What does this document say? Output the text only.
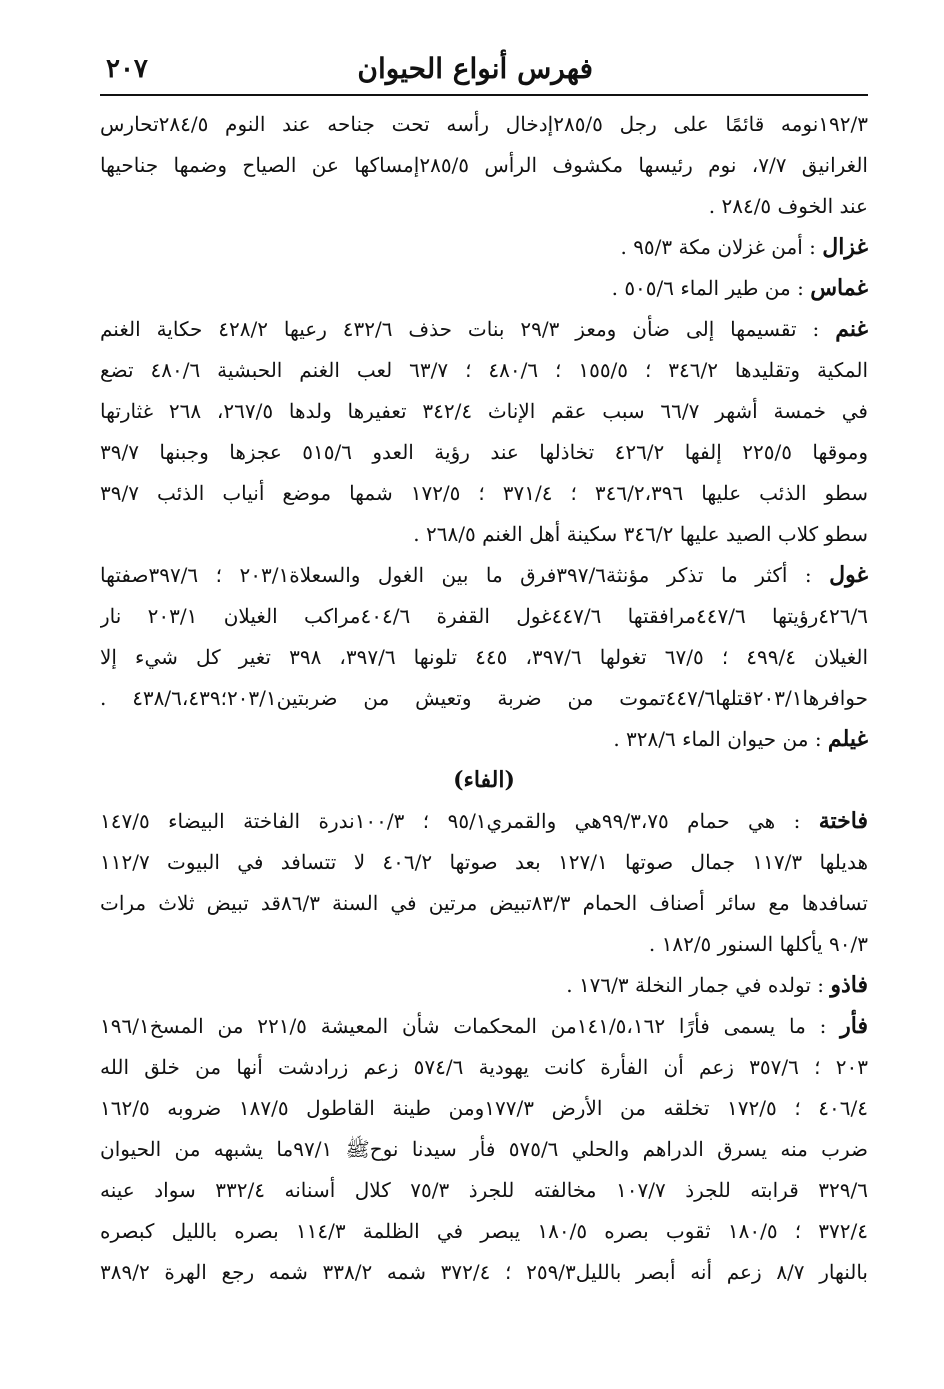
فهرس أنواع الحيوان
٢٠٧
١٩٢/٣نومه قائمًا على رجل ٢٨٥/٥إدخال رأسه تحت جناحه عند النوم ٢٨٤/٥تحارس
الغرانيق ٧/٧، نوم رئيسها مكشوف الرأس ٢٨٥/٥إمساكها عن الصياح وضمها جناحيها
عند الخوف ٢٨٤/٥ .
غزال : أمن غزلان مكة ٩٥/٣ .
غماس : من طير الماء ٥٠٥/٦ .
غنم : تقسيمها إلى ضأن ومعز ٢٩/٣ بنات حذف ٤٣٢/٦ رعيها ٤٢٨/٢ حكاية الغنم
المكية وتقليدها ٣٤٦/٢ ؛ ١٥٥/٥ ؛ ٤٨٠/٦ ؛ ٦٣/٧ لعب الغنم الحبشية ٤٨٠/٦ تضع
في خمسة أشهر ٦٦/٧ سبب عقم الإناث ٣٤٢/٤ تعفيرها ولدها ٢٦٧/٥، ٢٦٨ غثارتها
وموقها ٢٢٥/٥ إلفها ٤٢٦/٢ تخاذلها عند رؤية العدو ٥١٥/٦ عجزها وجبنها ٣٩/٧
سطو الذئب عليها ٣٤٦/٢،٣٩٦ ؛ ٣٧١/٤ ؛ ١٧٢/٥ شمها موضع أنياب الذئب ٣٩/٧
سطو كلاب الصيد عليها ٣٤٦/٢ سكينة أهل الغنم ٢٦٨/٥ .
غول : أكثر ما تذكر مؤنثة٣٩٧/٦فرق ما بين الغول والسعلاة٢٠٣/١ ؛ ٣٩٧/٦صفتها
٤٢٦/٦رؤيتها ٤٤٧/٦مرافقتها ٤٤٧/٦غول القفرة ٤٠٤/٦مراكب الغيلان ٢٠٣/١ نار
الغيلان ٤٩٩/٤ ؛ ٦٧/٥ تغولها ٣٩٧/٦، ٤٤٥ تلونها ٣٩٧/٦، ٣٩٨ تغير كل شيء إلا
حوافرها٢٠٣/١قتلها٤٤٧/٦تموت من ضربة وتعيش من ضربتين٢٠٣/١؛٤٣٨/٦،٤٣٩ .
غيلم : من حيوان الماء ٣٢٨/٦ .
(الفاء)
فاختة : هي حمام ٩٩/٣،٧٥هي والقمري٩٥/١ ؛ ١٠٠/٣ندرة الفاختة البيضاء ١٤٧/٥
هديلها ١١٧/٣ جمال صوتها ١٢٧/١ بعد صوتها ٤٠٦/٢ لا تتسافد في البيوت ١١٢/٧
تسافدها مع سائر أصناف الحمام ٨٣/٣تبيض مرتين في السنة ٨٦/٣قد تبيض ثلاث مرات
٩٠/٣ يأكلها السنور ١٨٢/٥ .
فاذو : تولده في جمار النخلة ١٧٦/٣ .
فأر : ما يسمى فأرًا ١٤١/٥،١٦٢من المحكمات شأن المعيشة ٢٢١/٥ من المسخ١٩٦/١
٢٠٣ ؛ ٣٥٧/٦ زعم أن الفأرة كانت يهودية ٥٧٤/٦ زعم زرادشت أنها من خلق الله
٤٠٦/٤ ؛ ١٧٢/٥ تخلقه من الأرض ١٧٧/٣ومن طينة القاطول ١٨٧/٥ ضروبه ١٦٢/٥
ضرب منه يسرق الدراهم والحلي ٥٧٥/٦ فأر سيدنا نوحﷺ ٩٧/١ما يشبهه من الحيوان
٣٢٩/٦ قرابته للجرذ ١٠٧/٧ مخالفته للجرذ ٧٥/٣ كلال أسنانه ٣٣٢/٤ سواد عينه
٣٧٢/٤ ؛ ١٨٠/٥ ثقوب بصره ١٨٠/٥ يبصر في الظلمة ١١٤/٣ بصره بالليل كبصره
بالنهار ٨/٧ زعم أنه أبصر بالليل٢٥٩/٣ ؛ ٣٧٢/٤ شمه ٣٣٨/٢ شمه رجع الهرة ٣٨٩/٢
